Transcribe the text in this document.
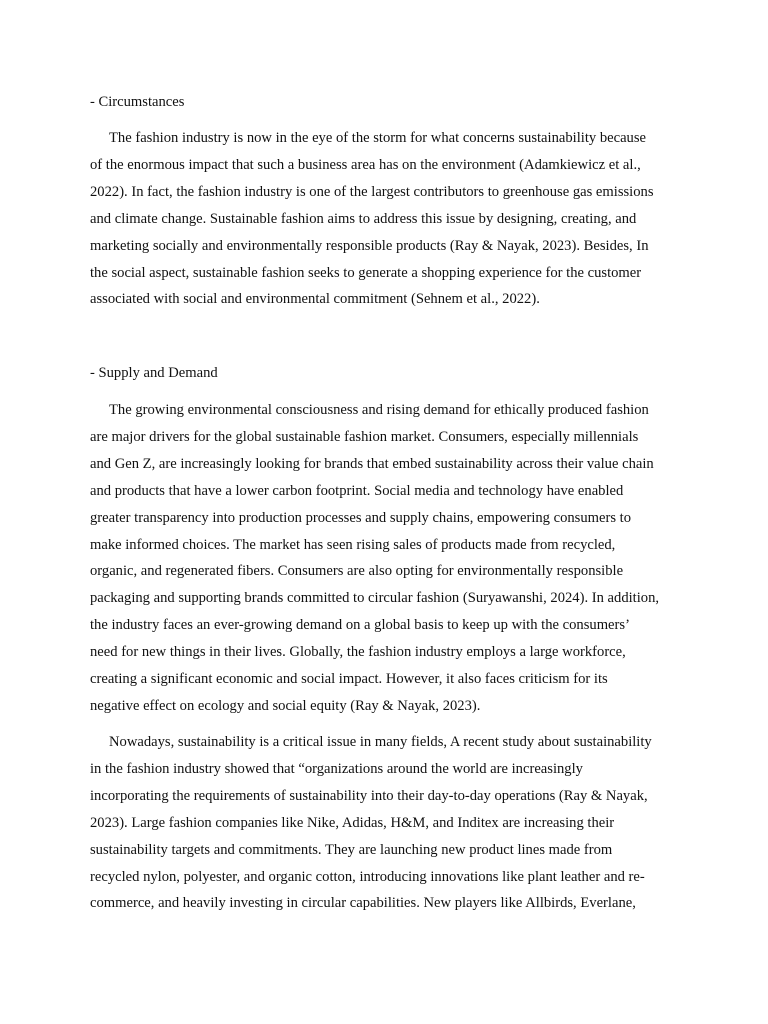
- Circumstances
The fashion industry is now in the eye of the storm for what concerns sustainability because
of the enormous impact that such a business area has on the environment (Adamkiewicz et al.,
2022). In fact, the fashion industry is one of the largest contributors to greenhouse gas emissions
and climate change. Sustainable fashion aims to address this issue by designing, creating, and
marketing socially and environmentally responsible products (Ray & Nayak, 2023). Besides, In
the social aspect, sustainable fashion seeks to generate a shopping experience for the customer
associated with social and environmental commitment (Sehnem et al., 2022).
- Supply and Demand
The growing environmental consciousness and rising demand for ethically produced fashion
are major drivers for the global sustainable fashion market. Consumers, especially millennials
and Gen Z, are increasingly looking for brands that embed sustainability across their value chain
and products that have a lower carbon footprint. Social media and technology have enabled
greater transparency into production processes and supply chains, empowering consumers to
make informed choices. The market has seen rising sales of products made from recycled,
organic, and regenerated fibers. Consumers are also opting for environmentally responsible
packaging and supporting brands committed to circular fashion (Suryawanshi, 2024). In addition,
the industry faces an ever-growing demand on a global basis to keep up with the consumers’
need for new things in their lives. Globally, the fashion industry employs a large workforce,
creating a significant economic and social impact. However, it also faces criticism for its
negative effect on ecology and social equity (Ray & Nayak, 2023).
Nowadays, sustainability is a critical issue in many fields, A recent study about sustainability
in the fashion industry showed that “organizations around the world are increasingly
incorporating the requirements of sustainability into their day-to-day operations (Ray & Nayak,
2023). Large fashion companies like Nike, Adidas, H&M, and Inditex are increasing their
sustainability targets and commitments. They are launching new product lines made from
recycled nylon, polyester, and organic cotton, introducing innovations like plant leather and re-
commerce, and heavily investing in circular capabilities. New players like Allbirds, Everlane,
